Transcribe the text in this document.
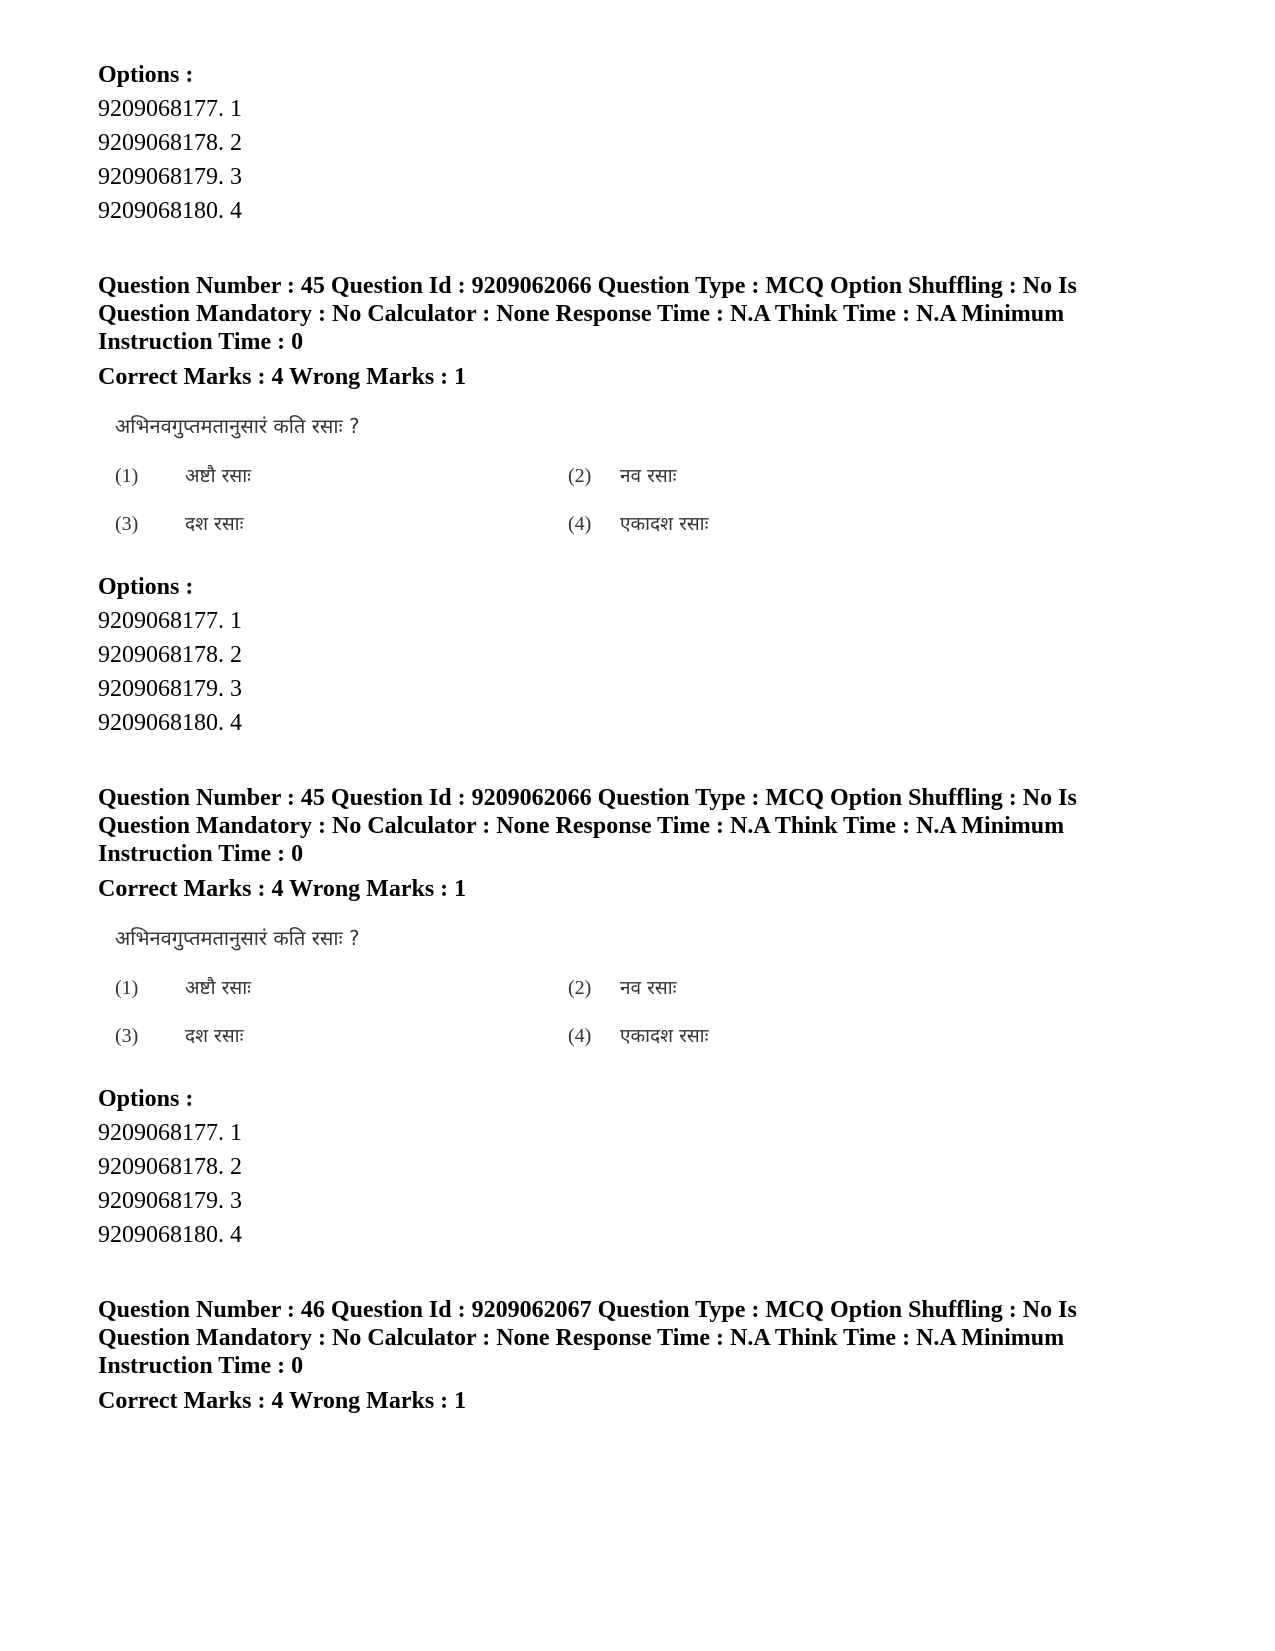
Options :

9209068177. 1

9209068178. 2

9209068179. 3

9209068180. 4

Question Number : 45 Question Id : 9209062066 Question Type : MCQ Option Shuffling : No Is Question Mandatory : No Calculator : None Response Time : N.A Think Time : N.A Minimum Instruction Time : 0

Correct Marks : 4 Wrong Marks : 1

अभिनवगुप्तमतानुसारं कति रसाः ?
(1) अष्टौ रसाः	(2) नव रसाः
(3) दश रसाः	(4) एकादश रसाः

Options :

9209068177. 1

9209068178. 2

9209068179. 3

9209068180. 4

Question Number : 45 Question Id : 9209062066 Question Type : MCQ Option Shuffling : No Is Question Mandatory : No Calculator : None Response Time : N.A Think Time : N.A Minimum Instruction Time : 0

Correct Marks : 4 Wrong Marks : 1

अभिनवगुप्तमतानुसारं कति रसाः ?
(1) अष्टौ रसाः	(2) नव रसाः
(3) दश रसाः	(4) एकादश रसाः

Options :

9209068177. 1

9209068178. 2

9209068179. 3

9209068180. 4

Question Number : 46 Question Id : 9209062067 Question Type : MCQ Option Shuffling : No Is Question Mandatory : No Calculator : None Response Time : N.A Think Time : N.A Minimum Instruction Time : 0

Correct Marks : 4 Wrong Marks : 1
